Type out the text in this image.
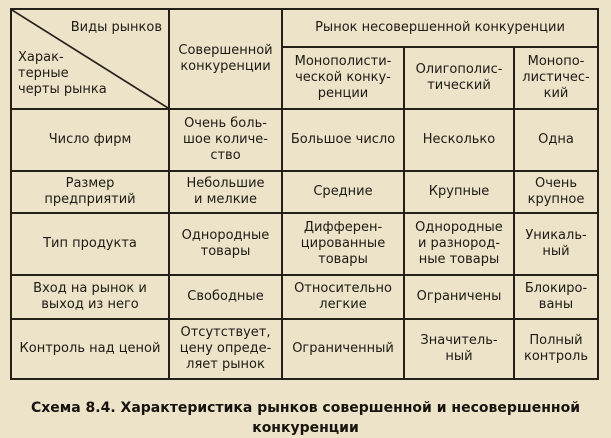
Виды рынков
Харак-
терные
черты рынка	Совершенной
конкуренции	Рынок несовершенной конкуренции		
		Монополисти-
ческой конку-
ренции	Олигополис-
тический	Монопо-
листичес-
кий
Число фирм	Очень боль-
шое количе-
ство	Большое число	Несколько	Одна
Размер
предприятий	Небольшие
и мелкие	Средние	Крупные	Очень
крупное
Тип продукта	Однородные
товары	Дифферен-
цированные
товары	Однородные
и разнород-
ные товары	Уникаль-
ный
Вход на рынок и
выход из него	Свободные	Относительно
легкие	Ограничены	Блокиро-
ваны
Контроль над ценой	Отсутствует,
цену опреде-
ляет рынок	Ограниченный	Значитель-
ный	Полный
контроль
Схема 8.4. Характеристика рынков совершенной и несовершенной
конкуренции
